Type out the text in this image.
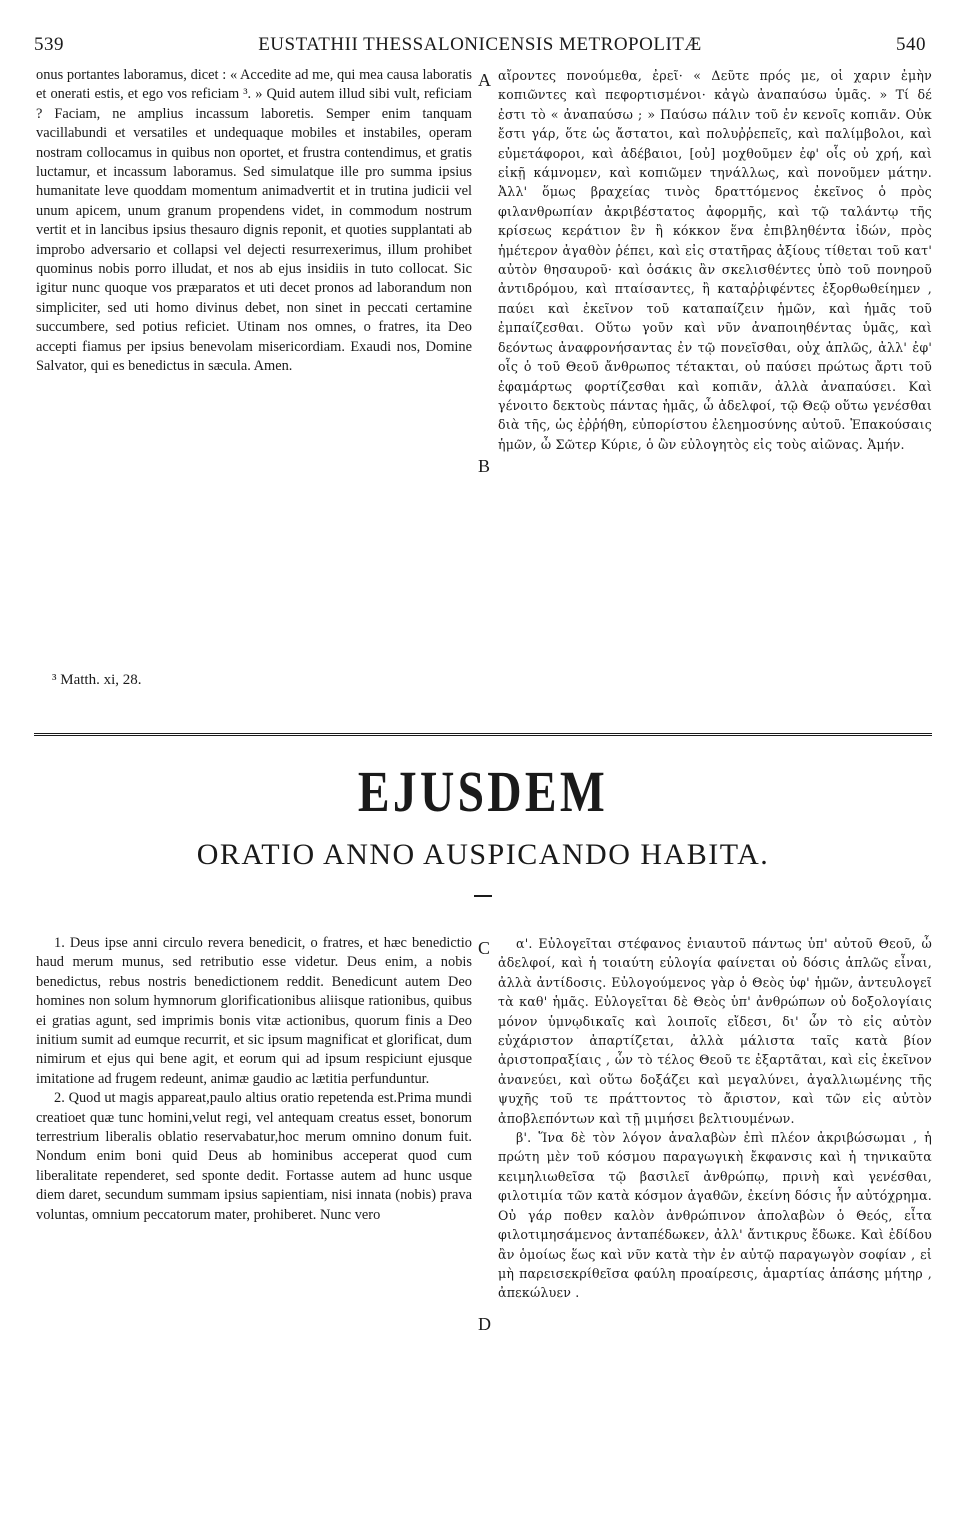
539	EUSTATHII THESSALONICENSIS METROPOLITÆ	540

onus portantes laboramus, dicet : « Accedite ad me, qui mea causa laboratis et onerati estis, et ego vos reficiam ³. » Quid autem illud sibi vult, reficiam ? Faciam, ne amplius incassum laboretis. Semper enim tanquam vacillabundi et versatiles et undequaque mobiles et instabiles, operam nostram collocamus in quibus non oportet, et frustra contendimus, et gratis luctamur, et incassum laboramus. Sed simulatque ille pro summa ipsius humanitate leve quoddam momentum animadvertit et in trutina judicii vel unum apicem, unum granum propendens videt, in commodum nostrum vertit et in lancibus ipsius thesauro dignis reponit, et quoties supplantati ab improbo adversario et collapsi vel dejecti resurrexerimus, illum prohibet quominus nobis porro illudat, et nos ab ejus insidiis in tuto collocat. Sic igitur nunc quoque vos præparatos et uti decet pronos ad laborandum non simpliciter, sed uti homo divinus debet, non sinet in peccati certamine succumbere, sed potius reficiet. Utinam nos omnes, o fratres, ita Deo accepti fiamus per ipsius benevolam misericordiam. Exaudi nos, Domine Salvator, qui es benedictus in sæcula. Amen.

αἴροντες πονούμεθα, ἐρεῖ· « Δεῦτε πρός με, οἱ χαριν ἐμὴν κοπιῶντες καὶ πεφορτισμένοι· κἀγὼ ἀναπαύσω ὑμᾶς. » Τί δέ ἐστι τὸ « ἀναπαύσω ; » Παύσω πάλιν τοῦ ἐν κενοῖς κοπιᾶν. Οὐκ ἔστι γάρ, ὅτε ὡς ἄστατοι, καὶ πολυῤῥεπεῖς, καὶ παλίμβολοι, καὶ εὐμετάφοροι, καὶ ἀδέβαιοι, [οὐ] μοχθοῦμεν ἐφ' οἷς οὐ χρή, καὶ εἰκῇ κάμνομεν, καὶ κοπιῶμεν τηνάλλως, καὶ πονοῦμεν μάτην. Ἀλλ' ὅμως βραχείας τινὸς δραττόμενος ἐκεῖνος ὁ πρὸς φιλανθρωπίαν ἀκριβέστατος ἀφορμῆς, καὶ τῷ ταλάντῳ τῆς κρίσεως κεράτιον ἓν ἢ κόκκον ἕνα ἐπιβληθέντα ἰδών, πρὸς ἡμέτερον ἀγαθὸν ῥέπει, καὶ εἰς στατῆρας ἀξίους τίθεται τοῦ κατ' αὐτὸν θησαυροῦ· καὶ ὁσάκις ἂν σκελισθέντες ὑπὸ τοῦ πονηροῦ ἀντιδρόμου, καὶ πταίσαντες, ἢ καταῤῥιφέντες ἐξορθωθείημεν , παύει καὶ ἐκεῖνον τοῦ καταπαίζειν ἡμῶν, καὶ ἡμᾶς τοῦ ἐμπαίζεσθαι. Οὕτω γοῦν καὶ νῦν ἀναποιηθέντας ὑμᾶς, καὶ δεόντως ἀναφρονήσαντας ἐν τῷ πονεῖσθαι, οὐχ ἁπλῶς, ἀλλ' ἐφ' οἷς ὁ τοῦ Θεοῦ ἄνθρωπος τέτακται, οὐ παύσει πρώτως ἄρτι τοῦ ἐφαμάρτως φορτίζεσθαι καὶ κοπιᾶν, ἀλλὰ ἀναπαύσει. Καὶ γένοιτο δεκτοὺς πάντας ἡμᾶς, ὦ ἀδελφοί, τῷ Θεῷ οὕτω γενέσθαι διὰ τῆς, ὡς ἐῤῥήθη, εὐπορίστου ἐλεημοσύνης αὐτοῦ. Ἐπακούσαις ἡμῶν, ὦ Σῶτερ Κύριε, ὁ ὢν εὐλογητὸς εἰς τοὺς αἰῶνας. Ἀμήν.

A
B
³ Matth. xi, 28.
EJUSDEM
ORATIO ANNO AUSPICANDO HABITA.

1. Deus ipse anni circulo revera benedicit, o fratres, et hæc benedictio haud merum munus, sed retributio esse videtur. Deus enim, a nobis benedictus, rebus nostris benedictionem reddit. Benedicunt autem Deo homines non solum hymnorum glorificationibus aliisque rationibus, quibus ei gratias agunt, sed imprimis bonis vitæ actionibus, quorum finis a Deo initium sumit ad eumque recurrit, et sic ipsum magnificat et glorificat, dum nimirum et ejus qui bene agit, et eorum qui ad ipsum respiciunt ejusque imitatione ad frugem redeunt, animæ gaudio ac lætitia perfunduntur.

2. Quod ut magis appareat,paulo altius oratio repetenda est.Prima mundi creatioet quæ tunc homini,velut regi, vel antequam creatus esset, bonorum terrestrium liberalis oblatio reservabatur,hoc merum omnino donum fuit. Nondum enim boni quid Deus ab hominibus acceperat quod cum liberalitate rependeret, sed sponte dedit. Fortasse autem ad hunc usque diem daret, secundum summam ipsius sapientiam, nisi innata (nobis) prava voluntas, omnium peccatorum mater, prohiberet. Nunc vero

α'. Εὐλογεῖται στέφανος ἐνιαυτοῦ πάντως ὑπ' αὐτοῦ Θεοῦ, ὦ ἀδελφοί, καὶ ἡ τοιαύτη εὐλογία φαίνεται οὐ δόσις ἁπλῶς εἶναι, ἀλλὰ ἀντίδοσις. Εὐλογούμενος γὰρ ὁ Θεὸς ὑφ' ἡμῶν, ἀντευλογεῖ τὰ καθ' ἡμᾶς. Εὐλογεῖται δὲ Θεὸς ὑπ' ἀνθρώπων οὐ δοξολογίαις μόνον ὑμνῳδικαῖς καὶ λοιποῖς εἴδεσι, δι' ὧν τὸ εἰς αὐτὸν εὐχάριστον ἀπαρτίζεται, ἀλλὰ μάλιστα ταῖς κατὰ βίον ἀριστοπραξίαις , ὧν τὸ τέλος Θεοῦ τε ἐξαρτᾶται, καὶ εἰς ἐκεῖνον ἀνανεύει, καὶ οὕτω δοξάζει καὶ μεγαλύνει, ἀγαλλιωμένης τῆς ψυχῆς τοῦ τε πράττοντος τὸ ἄριστον, καὶ τῶν εἰς αὐτὸν ἀποβλεπόντων καὶ τῇ μιμήσει βελτιουμένων.

β'. Ἵνα δὲ τὸν λόγον ἀναλαβὼν ἐπὶ πλέον ἀκριβώσωμαι , ἡ πρώτη μὲν τοῦ κόσμου παραγωγικὴ ἔκφανσις καὶ ἡ τηνικαῦτα κειμηλιωθεῖσα τῷ βασιλεῖ ἀνθρώπῳ, πρινὴ καὶ γενέσθαι, φιλοτιμία τῶν κατὰ κόσμον ἀγαθῶν, ἐκείνη δόσις ἦν αὐτόχρημα. Οὐ γάρ ποθεν καλὸν ἀνθρώπινον ἀπολαβὼν ὁ Θεός, εἶτα φιλοτιμησάμενος ἀνταπέδωκεν, ἀλλ' ἄντικρυς ἔδωκε. Καὶ ἐδίδου ἂν ὁμοίως ἕως καὶ νῦν κατὰ τὴν ἐν αὐτῷ παραγωγὸν σοφίαν , εἰ μὴ παρεισεκρίθεῖσα φαύλη προαίρεσις, ἁμαρτίας ἁπάσης μήτηρ , ἀπεκώλυεν .

C
D
